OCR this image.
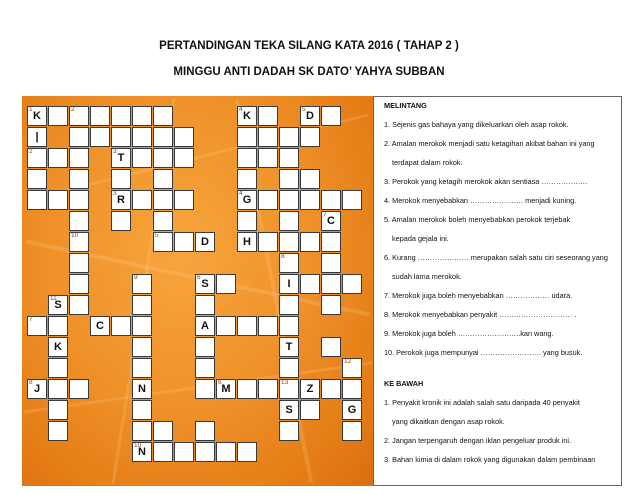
PERTANDINGAN TEKA SILANG KATA 2016 ( TAHAP 2 )
MINGGU ANTI DADAH SK DATO’ YAHYA SUBBAN
1
K
2	4
K
5
D
|
2	3
T
3
R
4
G
7
C
10	5
D	H
8
9	6
S	I
11
S
7
C	A
K	T
12
8
J	N
6
M
13
Z
S	G
10
N

MELINTANG

1. Sejenis gas bahaya yang dikeluarkan oleh asap rokok.

2. Amalan merokok menjadi satu ketagihan akibat bahan ini yang

terdapat dalam rokok.

3. Perokok yang ketagih merokok akan sentiasa ……………….

4. Merokok menyebabkan …………………. menjadi kuning.

5. Amalan merokok boleh menyebabkan perokok terjebak

kepada gejala ini.

6. Kurang ………………… merupakan salah satu ciri seseorang yang

sudah lama merokok.

7. Merokok juga boleh menyebabkan ……………… udara.

8. Merokok menyebabkan penyakit ………………………… .

9. Merokok juga boleh ……………………..kan wang.

10. Perokok juga mempunyai ……………………. yang busuk.

KE BAWAH

1. Penyakit kronik ini adalah salah satu daripada 40 penyakit

yang dikaitkan dengan asap rokok.

2. Jangan terpengaruh dengan iklan pengeluar produk ini.

3. Bahan kimia di dalam rokok yang digunakan dalam pembinaan
